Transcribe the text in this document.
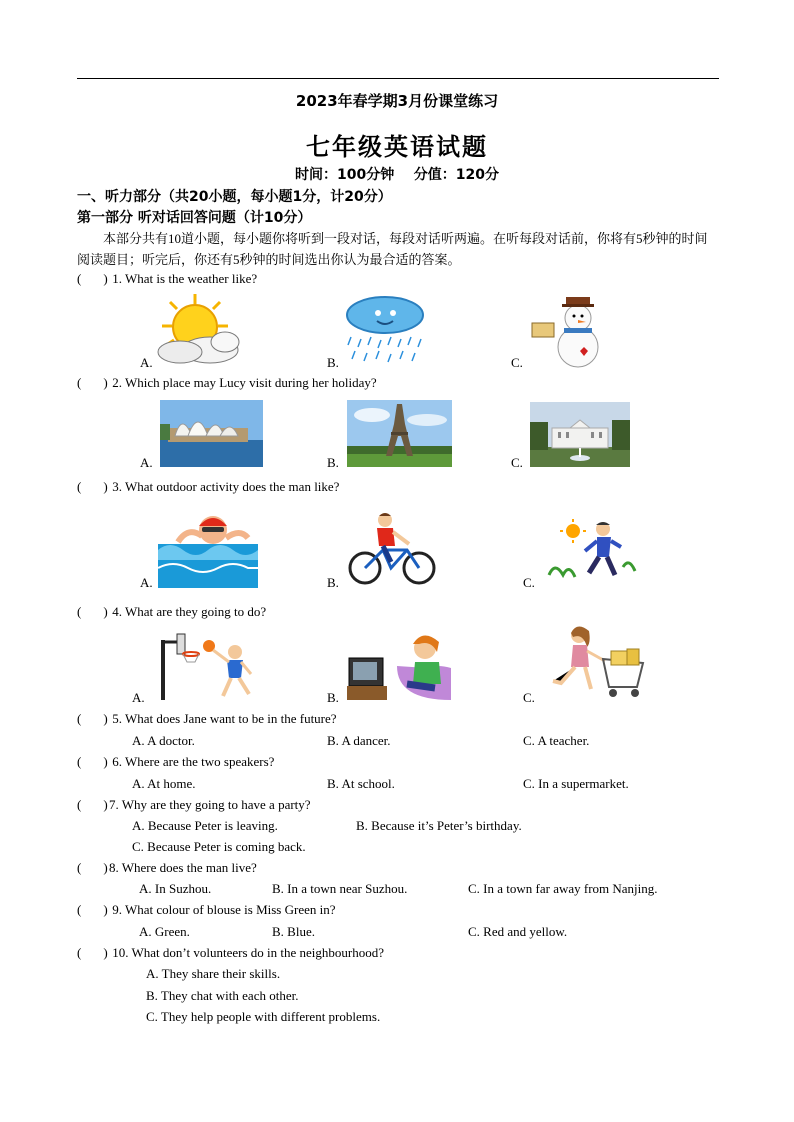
2023年春学期3月份课堂练习
七年级英语试题
时间：100分钟    分值：120分
一、听力部分（共20小题，每小题1分，计20分）
第一部分 听对话回答问题（计10分）
本部分共有10道小题，每小题你将听到一段对话，每段对话听两遍。在听每段对话前，你将有5秒钟的时间阅读题目；听完后，你还有5秒钟的时间选出你认为最合适的答案。
( ) 1. What is the weather like?
A.	B.	C.
( ) 2. Which place may Lucy visit during her holiday?
A.	B.	C.
( ) 3. What outdoor activity does the man like?
A.	B.	C.
( ) 4. What are they going to do?
A.	B.	C.
( ) 5. What does Jane want to be in the future?
A. A doctor.	B. A dancer.	C. A teacher.
( ) 6. Where are the two speakers?
A. At home.	B. At school.	C. In a supermarket.
( )7. Why are they going to have a party?
A. Because Peter is leaving.	B. Because it’s Peter’s birthday.
C. Because Peter is coming back.
( )8. Where does the man live?
A. In Suzhou.	B. In a town near Suzhou.	C. In a town far away from Nanjing.
( ) 9. What colour of blouse is Miss Green in?
A. Green.	B. Blue.	C. Red and yellow.
( ) 10. What don’t volunteers do in the neighbourhood?
A. They share their skills.
B. They chat with each other.
C. They help people with different problems.
